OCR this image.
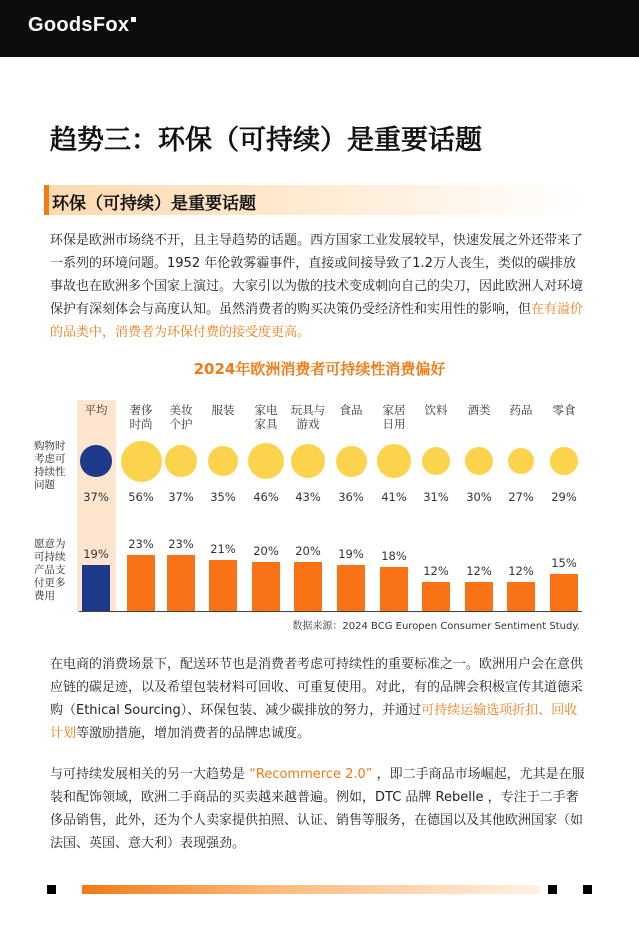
GoodsFox
趋势三：环保（可持续）是重要话题
环保（可持续）是重要话题

环保是欧洲市场绕不开，且主导趋势的话题。西方国家工业发展较早，快速发展之外还带来了一系列的环境问题。1952 年伦敦雾霾事件，直接或间接导致了1.2万人丧生，类似的碳排放事故也在欧洲多个国家上演过。大家引以为傲的技术变成刺向自己的尖刀，因此欧洲人对环境保护有深刻体会与高度认知。虽然消费者的购买决策仍受经济性和实用性的影响，但在有溢价的品类中，消费者为环保付费的接受度更高。

2024年欧洲消费者可持续性消费偏好
购物时
考虑可
持续性
问题
愿意为
可持续
产品支
付更多
费用
平均
37%
19%
奢侈
时尚
56%
23%
美妆
个护
37%
23%
服装
35%
21%
家电
家具
46%
20%
玩具与
游戏
43%
20%
食品
36%
19%
家居
日用
41%
18%
饮料
31%
12%
酒类
30%
12%
药品
27%
12%
零食
29%
15%
数据来源：2024 BCG Europen Consumer Sentiment Study.

在电商的消费场景下，配送环节也是消费者考虑可持续性的重要标准之一。欧洲用户会在意供应链的碳足迹，以及希望包装材料可回收、可重复使用。对此，有的品牌会积极宣传其道德采购（Ethical Sourcing）、环保包装、减少碳排放的努力，并通过可持续运输选项折扣、回收计划等激励措施，增加消费者的品牌忠诚度。

与可持续发展相关的另一大趋势是 “Recommerce 2.0” ，即二手商品市场崛起，尤其是在服装和配饰领域，欧洲二手商品的买卖越来越普遍。例如，DTC 品牌 Rebelle ，专注于二手奢侈品销售，此外，还为个人卖家提供拍照、认证、销售等服务，在德国以及其他欧洲国家（如法国、英国、意大利）表现强劲。
